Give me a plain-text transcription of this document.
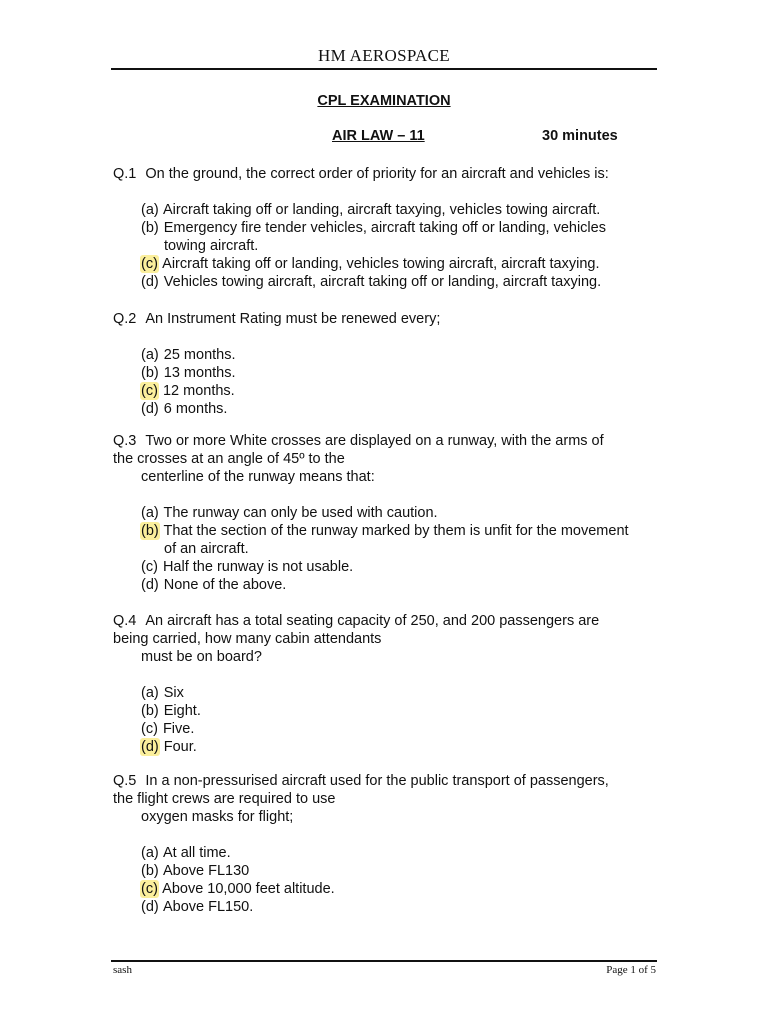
HM AEROSPACE
CPL EXAMINATION
AIR LAW – 11	30 minutes
Q.1 On the ground, the correct order of priority for an aircraft and vehicles is:
(a) Aircraft taking off or landing, aircraft taxying, vehicles towing aircraft.
(b) Emergency fire tender vehicles, aircraft taking off or landing, vehicles
towing aircraft.
(c) Aircraft taking off or landing, vehicles towing aircraft, aircraft taxying.
(d) Vehicles towing aircraft, aircraft taking off or landing, aircraft taxying.
Q.2 An Instrument Rating must be renewed every;
(a) 25 months.
(b) 13 months.
(c) 12 months.
(d) 6 months.
Q.3 Two or more White crosses are displayed on a runway, with the arms of
the crosses at an angle of 45º to the
centerline of the runway means that:
(a) The runway can only be used with caution.
(b) That the section of the runway marked by them is unfit for the movement
of an aircraft.
(c) Half the runway is not usable.
(d) None of the above.
Q.4 An aircraft has a total seating capacity of 250, and 200 passengers are
being carried, how many cabin attendants
must be on board?
(a) Six
(b) Eight.
(c) Five.
(d) Four.
Q.5 In a non-pressurised aircraft used for the public transport of passengers,
the flight crews are required to use
oxygen masks for flight;
(a) At all time.
(b) Above FL130
(c) Above 10,000 feet altitude.
(d) Above FL150.
sash	Page 1 of 5
